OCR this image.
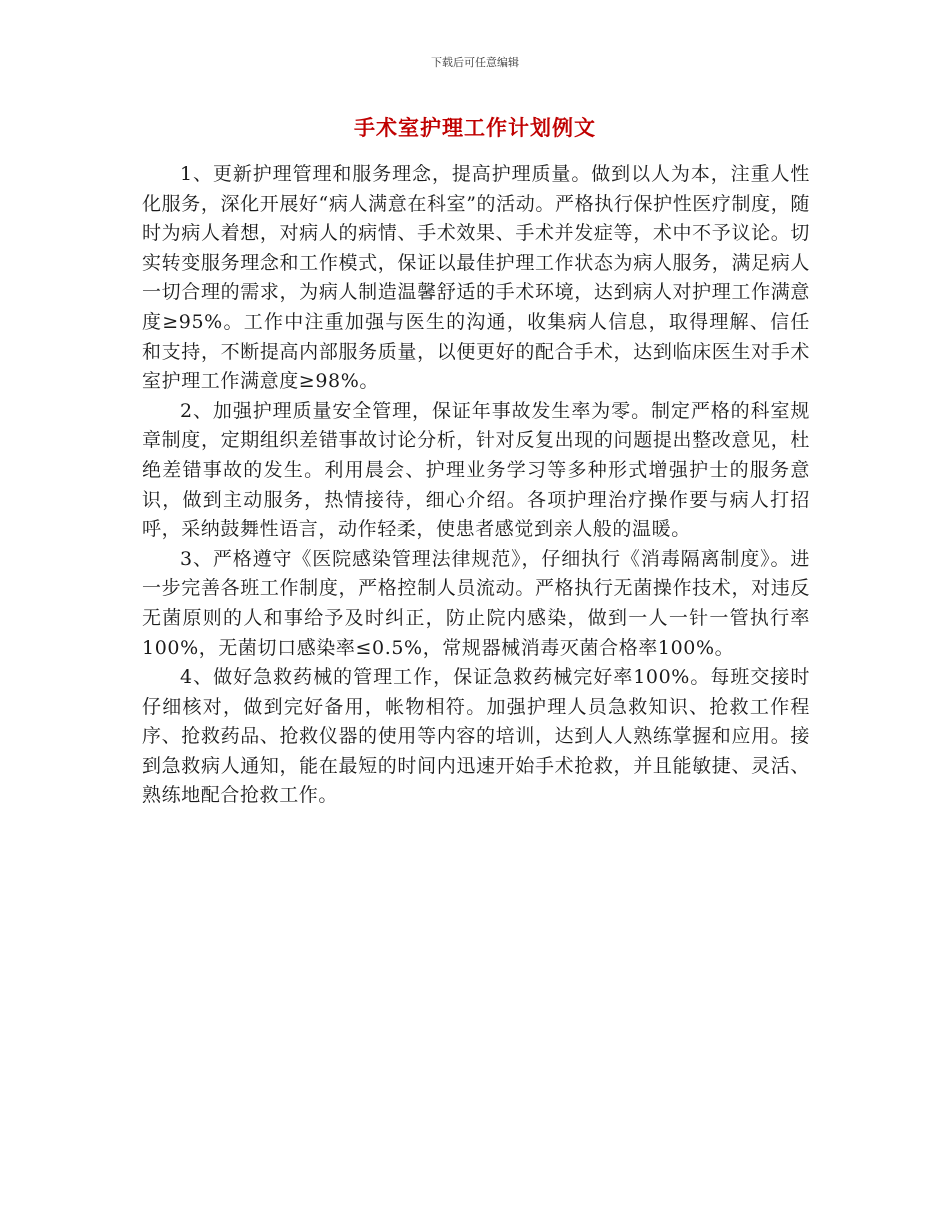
下载后可任意编辑
手术室护理工作计划例文

1、更新护理管理和服务理念，提高护理质量。做到以人为本，注重人性化服务，深化开展好“病人满意在科室”的活动。严格执行保护性医疗制度，随时为病人着想，对病人的病情、手术效果、手术并发症等，术中不予议论。切实转变服务理念和工作模式，保证以最佳护理工作状态为病人服务，满足病人一切合理的需求，为病人制造温馨舒适的手术环境，达到病人对护理工作满意度≥95%。工作中注重加强与医生的沟通，收集病人信息，取得理解、信任和支持，不断提高内部服务质量，以便更好的配合手术，达到临床医生对手术室护理工作满意度≥98%。

2、加强护理质量安全管理，保证年事故发生率为零。制定严格的科室规章制度，定期组织差错事故讨论分析，针对反复出现的问题提出整改意见，杜绝差错事故的发生。利用晨会、护理业务学习等多种形式增强护士的服务意识，做到主动服务，热情接待，细心介绍。各项护理治疗操作要与病人打招呼，采纳鼓舞性语言，动作轻柔，使患者感觉到亲人般的温暖。

3、严格遵守《医院感染管理法律规范》，仔细执行《消毒隔离制度》。进一步完善各班工作制度，严格控制人员流动。严格执行无菌操作技术，对违反无菌原则的人和事给予及时纠正，防止院内感染，做到一人一针一管执行率100%，无菌切口感染率≤0.5%，常规器械消毒灭菌合格率100%。

4、做好急救药械的管理工作，保证急救药械完好率100%。每班交接时仔细核对，做到完好备用，帐物相符。加强护理人员急救知识、抢救工作程序、抢救药品、抢救仪器的使用等内容的培训，达到人人熟练掌握和应用。接到急救病人通知，能在最短的时间内迅速开始手术抢救，并且能敏捷、灵活、熟练地配合抢救工作。
